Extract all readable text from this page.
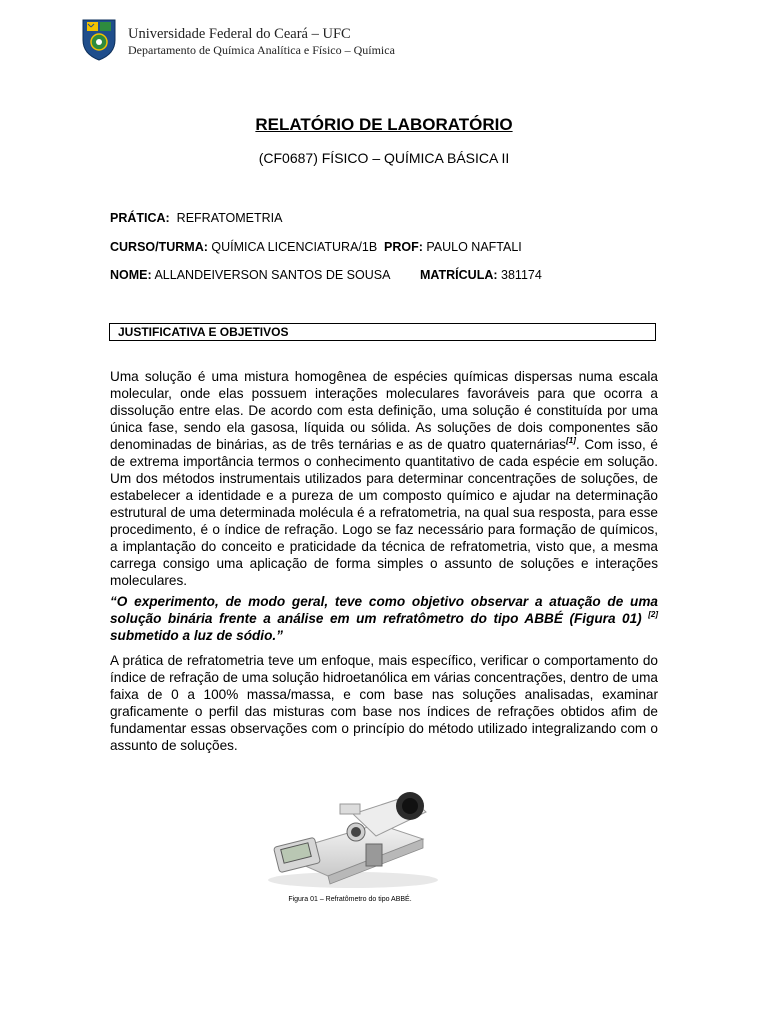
Universidade Federal do Ceará – UFC
Departamento de Química Analítica e Físico – Química
RELATÓRIO DE LABORATÓRIO
(CF0687) FÍSICO – QUÍMICA BÁSICA II
PRÁTICA: REFRATOMETRIA
CURSO/TURMA: QUÍMICA LICENCIATURA/1B PROF: PAULO NAFTALI
NOME: ALLANDEIVERSON SANTOS DE SOUSA MATRÍCULA: 381174
JUSTIFICATIVA E OBJETIVOS
Uma solução é uma mistura homogênea de espécies químicas dispersas numa escala molecular, onde elas possuem interações moleculares favoráveis para que ocorra a dissolução entre elas. De acordo com esta definição, uma solução é constituída por uma única fase, sendo ela gasosa, líquida ou sólida. As soluções de dois componentes são denominadas de binárias, as de três ternárias e as de quatro quaternárias[1]. Com isso, é de extrema importância termos o conhecimento quantitativo de cada espécie em solução. Um dos métodos instrumentais utilizados para determinar concentrações de soluções, de estabelecer a identidade e a pureza de um composto químico e ajudar na determinação estrutural de uma determinada molécula é a refratometria, na qual sua resposta, para esse procedimento, é o índice de refração. Logo se faz necessário para formação de químicos, a implantação do conceito e praticidade da técnica de refratometria, visto que, a mesma carrega consigo uma aplicação de forma simples o assunto de soluções e interações moleculares.
“O experimento, de modo geral, teve como objetivo observar a atuação de uma solução binária frente a análise em um refratômetro do tipo ABBÉ (Figura 01) [2] submetido a luz de sódio.”
A prática de refratometria teve um enfoque, mais específico, verificar o comportamento do índice de refração de uma solução hidroetanólica em várias concentrações, dentro de uma faixa de 0 a 100% massa/massa, e com base nas soluções analisadas, examinar graficamente o perfil das misturas com base nos índices de refrações obtidos afim de fundamentar essas observações com o princípio do método utilizado integralizando com o assunto de soluções.
Figura 01 – Refratômetro do tipo ABBÉ.
